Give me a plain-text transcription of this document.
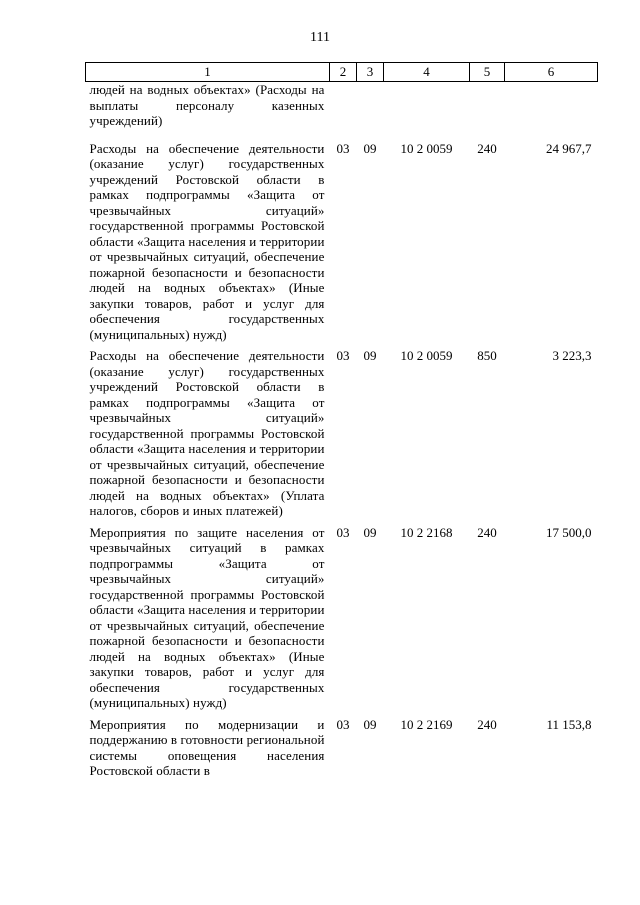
111
1	2	3	4	5	6
людей на водных объектах» (Расходы на выплаты персоналу казенных учреждений)					
Расходы на обеспечение деятельности (оказание услуг) государственных учреждений Ростовской области в рамках подпрограммы «Защита от чрезвычайных ситуаций» государственной программы Ростовской области «Защита населения и территории от чрезвычайных ситуаций, обеспечение пожарной безопасности и безопасности людей на водных объектах» (Иные закупки товаров, работ и услуг для обеспечения государственных (муниципальных) нужд)	03	09	10 2 0059	240	24 967,7
Расходы на обеспечение деятельности (оказание услуг) государственных учреждений Ростовской области в рамках подпрограммы «Защита от чрезвычайных ситуаций» государственной программы Ростовской области «Защита населения и территории от чрезвычайных ситуаций, обеспечение пожарной безопасности и безопасности людей на водных объектах» (Уплата налогов, сборов и иных платежей)	03	09	10 2 0059	850	3 223,3
Мероприятия по защите населения от чрезвычайных ситуаций в рамках подпрограммы «Защита от чрезвычайных ситуаций» государственной программы Ростовской области «Защита населения и территории от чрезвычайных ситуаций, обеспечение пожарной безопасности и безопасности людей на водных объектах» (Иные закупки товаров, работ и услуг для обеспечения государственных (муниципальных) нужд)	03	09	10 2 2168	240	17 500,0
Мероприятия по модернизации и поддержанию в готовности региональной системы оповещения населения Ростовской области в	03	09	10 2 2169	240	11 153,8
